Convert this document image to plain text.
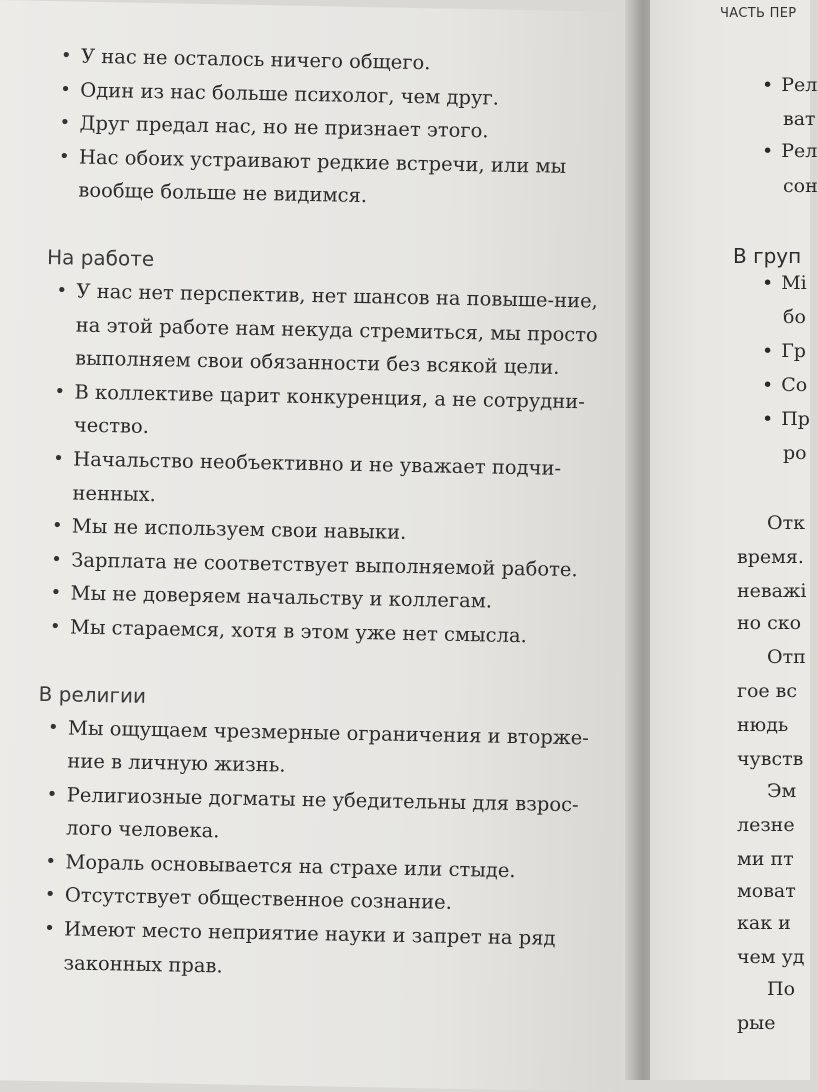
• У нас не осталось ничего общего.
• Один из нас больше психолог, чем друг.
• Друг предал нас, но не признает этого.
• Нас обоих устраивают редкие встречи, или мы вообще больше не видимся.

На работе

• У нас нет перспектив, нет шансов на повыше-ние, на этой работе нам некуда стремиться, мы просто выполняем свои обязанности без всякой цели.
• В коллективе царит конкуренция, а не сотрудни-чество.
• Начальство необъективно и не уважает подчи-ненных.
• Мы не используем свои навыки.
• Зарплата не соответствует выполняемой работе.
• Мы не доверяем начальству и коллегам.
• Мы стараемся, хотя в этом уже нет смысла.

В религии

• Мы ощущаем чрезмерные ограничения и вторже-ние в личную жизнь.
• Религиозные догматы не убедительны для взрос-лого человека.
• Мораль основывается на страхе или стыде.
• Отсутствует общественное сознание.
• Имеют место неприятие науки и запрет на ряд законных прав.
ЧАСТЬ ПЕР
• Рел
ват
• Рел
сон
В груп
• Мі
бо
• Гр
• Со
• Пр
ро
Отк
время.
неважі
но ско
Отп
гое вс
нюдь
чувств
Эм
лезне
ми пт
моват
как и
чем уд
По
рые
